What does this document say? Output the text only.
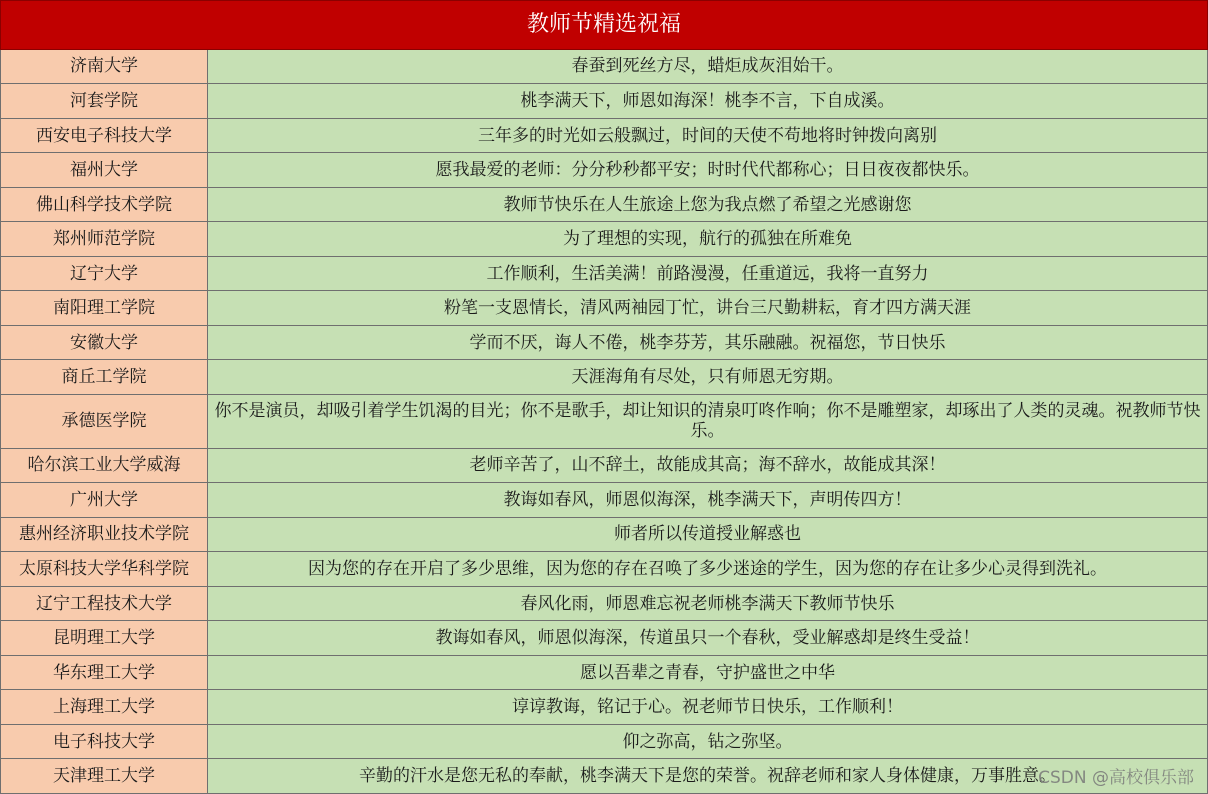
教师节精选祝福	
济南大学	春蚕到死丝方尽，蜡炬成灰泪始干。
河套学院	桃李满天下，师恩如海深！桃李不言，下自成溪。
西安电子科技大学	三年多的时光如云般飘过，时间的天使不苟地将时钟拨向离别
福州大学	愿我最爱的老师：分分秒秒都平安；时时代代都称心；日日夜夜都快乐。
佛山科学技术学院	教师节快乐在人生旅途上您为我点燃了希望之光感谢您
郑州师范学院	为了理想的实现，航行的孤独在所难免
辽宁大学	工作顺利，生活美满！前路漫漫，任重道远，我将一直努力
南阳理工学院	粉笔一支恩情长，清风两袖园丁忙，讲台三尺勤耕耘，育才四方满天涯
安徽大学	学而不厌，诲人不倦，桃李芬芳，其乐融融。祝福您，节日快乐
商丘工学院	天涯海角有尽处，只有师恩无穷期。
承德医学院	你不是演员，却吸引着学生饥渴的目光；你不是歌手，却让知识的清泉叮咚作响；你不是雕塑家，却琢出了人类的灵魂。祝教师节快乐。
哈尔滨工业大学威海	老师辛苦了，山不辞土，故能成其高；海不辞水，故能成其深！
广州大学	教诲如春风，师恩似海深，桃李满天下，声明传四方！
惠州经济职业技术学院	师者所以传道授业解惑也
太原科技大学华科学院	因为您的存在开启了多少思维，因为您的存在召唤了多少迷途的学生，因为您的存在让多少心灵得到洗礼。
辽宁工程技术大学	春风化雨，师恩难忘祝老师桃李满天下教师节快乐
昆明理工大学	教诲如春风，师恩似海深，传道虽只一个春秋，受业解惑却是终生受益！
华东理工大学	愿以吾辈之青春，守护盛世之中华
上海理工大学	谆谆教诲，铭记于心。祝老师节日快乐，工作顺利！
电子科技大学	仰之弥高，钻之弥坚。
天津理工大学	辛勤的汗水是您无私的奉献，桃李满天下是您的荣誉。祝辞老师和家人身体健康，万事胜意。
CSDN @高校俱乐部
